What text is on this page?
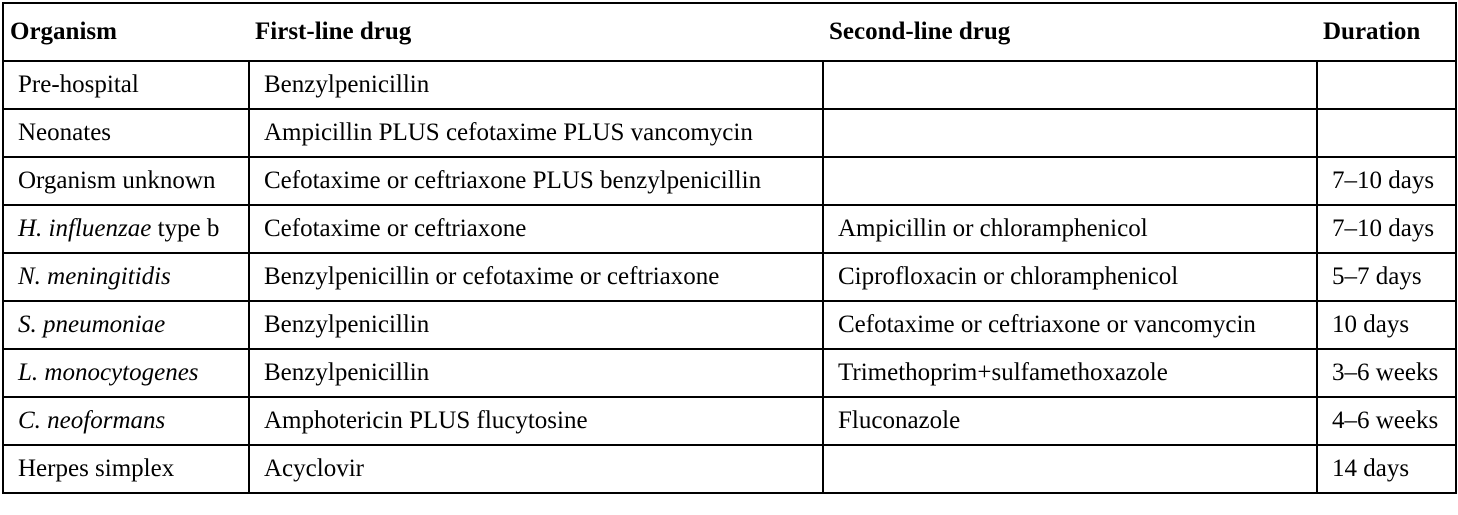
Organism	First-line drug	Second-line drug	Duration
Pre-hospital	Benzylpenicillin		
Neonates	Ampicillin PLUS cefotaxime PLUS vancomycin		
Organism unknown	Cefotaxime or ceftriaxone PLUS benzylpenicillin		7–10 days
H. influenzae type b	Cefotaxime or ceftriaxone	Ampicillin or chloramphenicol	7–10 days
N. meningitidis	Benzylpenicillin or cefotaxime or ceftriaxone	Ciprofloxacin or chloramphenicol	5–7 days
S. pneumoniae	Benzylpenicillin	Cefotaxime or ceftriaxone or vancomycin	10 days
L. monocytogenes	Benzylpenicillin	Trimethoprim+sulfamethoxazole	3–6 weeks
C. neoformans	Amphotericin PLUS flucytosine	Fluconazole	4–6 weeks
Herpes simplex	Acyclovir		14 days
